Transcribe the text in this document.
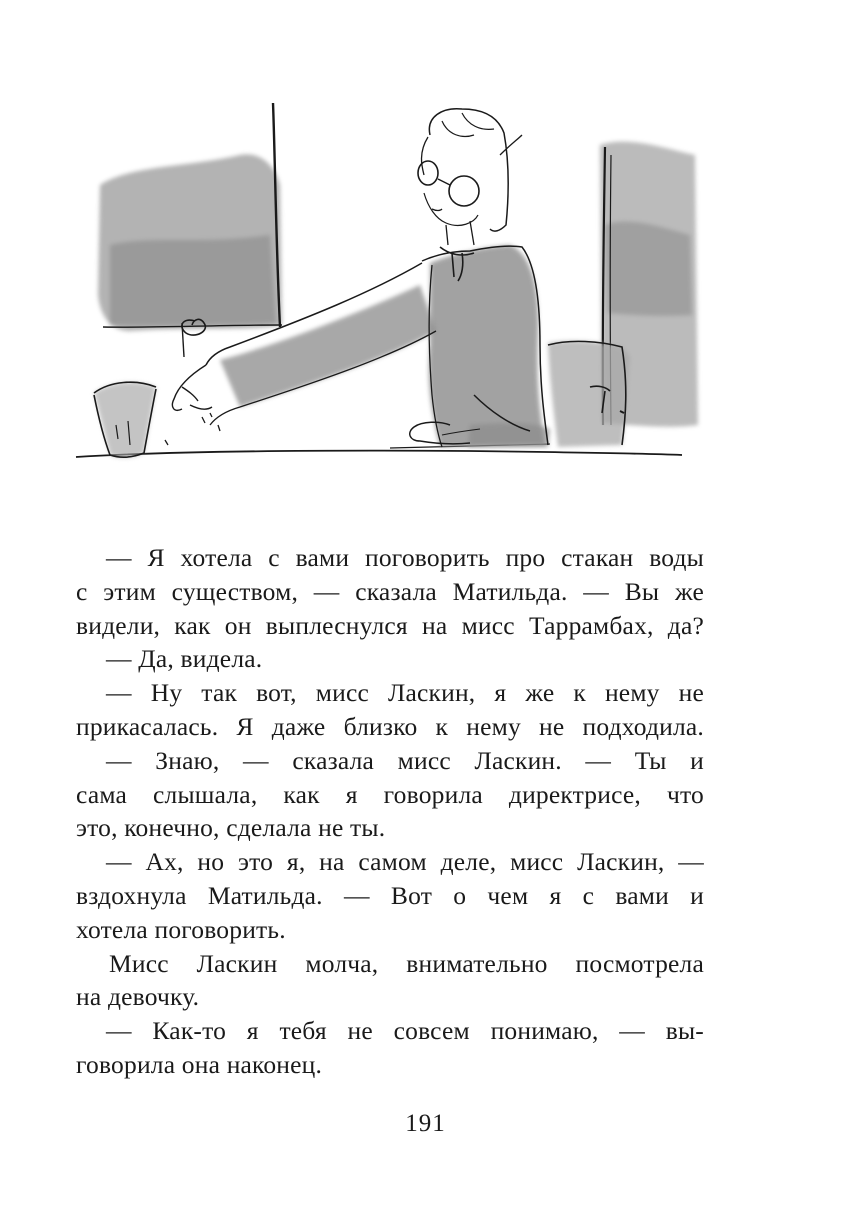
— Я хотела с вами поговорить про стакан воды
с этим существом, — сказала Матильда. — Вы же
видели, как он выплеснулся на мисс Таррамбах, да?
— Да, видела.
— Ну так вот, мисс Ласкин, я же к нему не
прикасалась. Я даже близко к нему не подходила.
— Знаю, — сказала мисс Ласкин. — Ты и
сама слышала, как я говорила директрисе, что
это, конечно, сделала не ты.
— Ах, но это я, на самом деле, мисс Ласкин, —
вздохнула Матильда. — Вот о чем я с вами и
хотела поговорить.
Мисс Ласкин молча, внимательно посмотрела
на девочку.
— Как-то я тебя не совсем понимаю, — вы-
говорила она наконец.
191
